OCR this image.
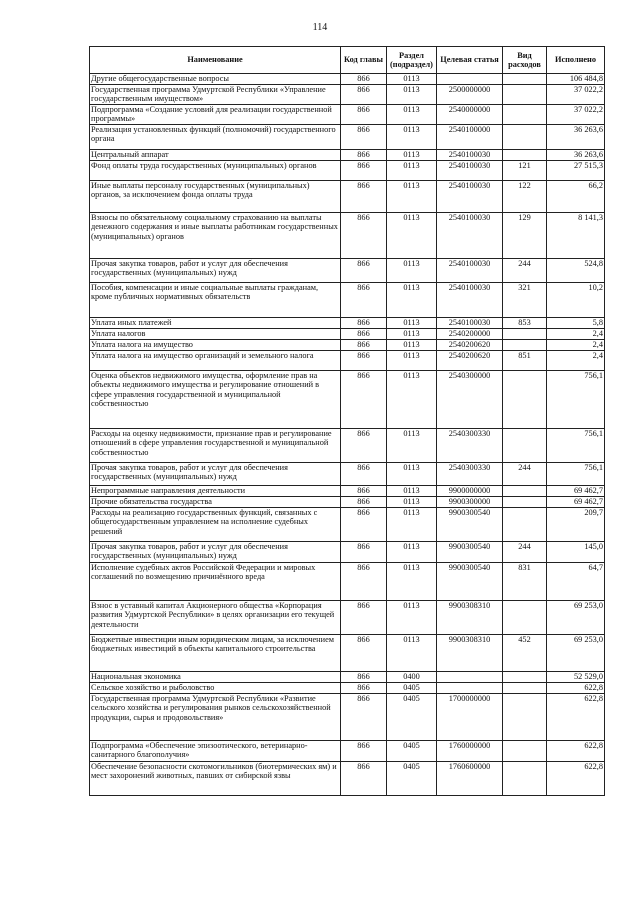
114
Наименование	Код главы	Раздел (подраздел)	Целевая статья	Вид расходов	Исполнено
Другие общегосударственные вопросы	866	0113			106 484,8
Государственная программа Удмуртской Республики «Управление государственным имуществом»	866	0113	2500000000		37 022,2
Подпрограмма «Создание условий для реализации государственной программы»	866	0113	2540000000		37 022,2
Реализация установленных функций (полномочий) государственного органа	866	0113	2540100000		36 263,6
Центральный аппарат	866	0113	2540100030		36 263,6
Фонд оплаты труда государственных (муниципальных) органов	866	0113	2540100030	121	27 515,3
Иные выплаты персоналу государственных (муниципальных) органов, за исключением фонда оплаты труда	866	0113	2540100030	122	66,2
Взносы по обязательному социальному страхованию на выплаты денежного содержания и иные выплаты работникам государственных (муниципальных) органов	866	0113	2540100030	129	8 141,3
Прочая закупка товаров, работ и услуг для обеспечения государственных (муниципальных) нужд	866	0113	2540100030	244	524,8
Пособия, компенсации и иные социальные выплаты гражданам, кроме публичных нормативных обязательств	866	0113	2540100030	321	10,2
Уплата иных платежей	866	0113	2540100030	853	5,8
Уплата налогов	866	0113	2540200000		2,4
Уплата налога на имущество	866	0113	2540200620		2,4
Уплата налога на имущество организаций и земельного налога	866	0113	2540200620	851	2,4
Оценка объектов недвижимого имущества, оформление прав на объекты недвижимого имущества и регулирование отношений в сфере управления государственной и муниципальной собственностью	866	0113	2540300000		756,1
Расходы на оценку недвижимости, признание прав и регулирование отношений в сфере управления государственной и муниципальной собственностью	866	0113	2540300330		756,1
Прочая закупка товаров, работ и услуг для обеспечения государственных (муниципальных) нужд	866	0113	2540300330	244	756,1
Непрограммные направления деятельности	866	0113	9900000000		69 462,7
Прочие обязательства государства	866	0113	9900300000		69 462,7
Расходы на реализацию государственных функций, связанных с общегосударственным управлением на исполнение судебных решений	866	0113	9900300540		209,7
Прочая закупка товаров, работ и услуг для обеспечения государственных (муниципальных) нужд	866	0113	9900300540	244	145,0
Исполнение судебных актов Российской Федерации и мировых соглашений по возмещению причинённого вреда	866	0113	9900300540	831	64,7
Взнос в уставный капитал Акционерного общества «Корпорация развития Удмуртской Республики» в целях организации его текущей деятельности	866	0113	9900308310		69 253,0
Бюджетные инвестиции иным юридическим лицам, за исключением бюджетных инвестиций в объекты капитального строительства	866	0113	9900308310	452	69 253,0
Национальная экономика	866	0400			52 529,0
Сельское хозяйство и рыболовство	866	0405			622,8
Государственная программа Удмуртской Республики «Развитие сельского хозяйства и регулирования рынков сельскохозяйственной продукции, сырья и продовольствия»	866	0405	1700000000		622,8
Подпрограмма «Обеспечение эпизоотического, ветеринарно-санитарного благополучия»	866	0405	1760000000		622,8
Обеспечение безопасности скотомогильников (биотермических ям) и мест захоронений животных, павших от сибирской язвы	866	0405	1760600000		622,8
